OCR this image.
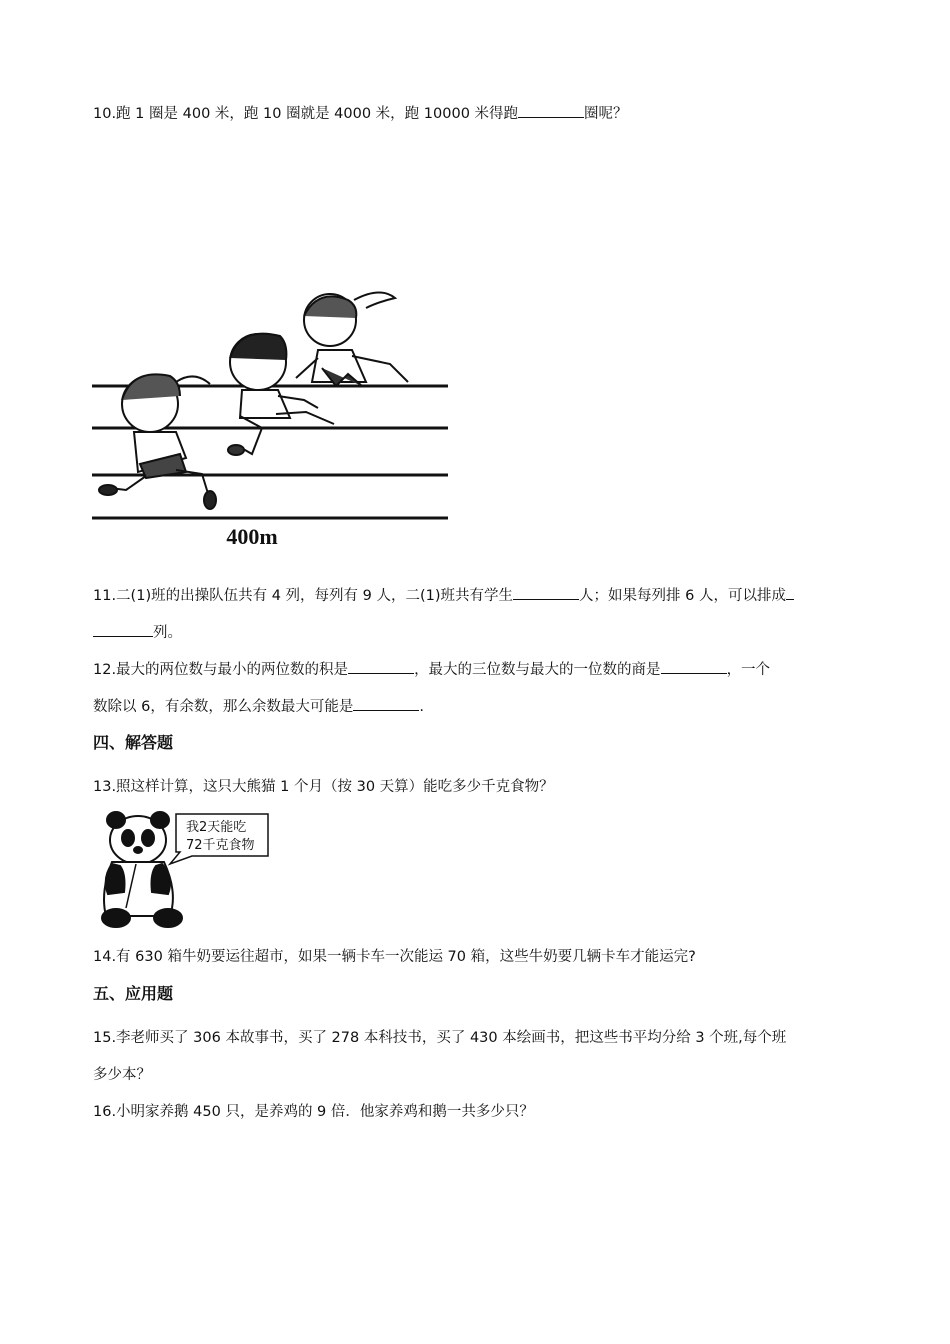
10.跑 1 圈是 400 米，跑 10 圈就是 4000 米，跑 10000 米得跑	圈呢？
400m
11.二(1)班的出操队伍共有 4 列，每列有 9 人，二(1)班共有学生	人；如果每列排 6 人，可以排成
列。
12.最大的两位数与最小的两位数的积是	，最大的三位数与最大的一位数的商是	，一个
数除以 6，有余数，那么余数最大可能是	.
四、解答题
13.照这样计算，这只大熊猫 1 个月（按 30 天算）能吃多少千克食物？
我2天能吃
72千克食物
14.有 630 箱牛奶要运往超市，如果一辆卡车一次能运 70 箱，这些牛奶要几辆卡车才能运完?
五、应用题
15.李老师买了 306 本故事书，买了 278 本科技书，买了 430 本绘画书，把这些书平均分给 3 个班,每个班
多少本？
16.小明家养鹅 450 只，是养鸡的 9 倍．他家养鸡和鹅一共多少只？
